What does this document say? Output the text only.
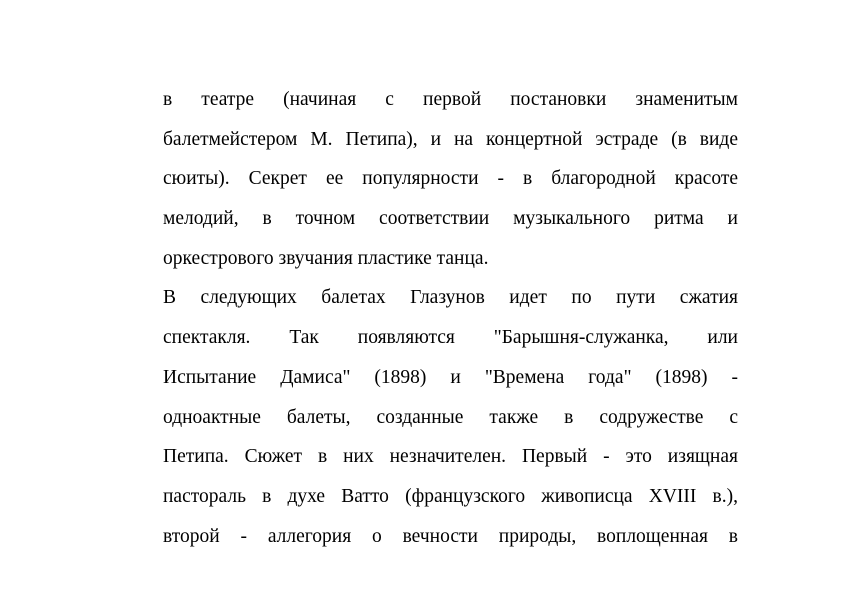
в театре (начиная с первой постановки знаменитым
балетмейстером М. Петипа), и на концертной эстраде (в виде
сюиты). Секрет ее популярности - в благородной красоте
мелодий, в точном соответствии музыкального ритма и
оркестрового звучания пластике танца.
В следующих балетах Глазунов идет по пути сжатия
спектакля. Так появляются "Барышня-служанка, или
Испытание Дамиса" (1898) и "Времена года" (1898) -
одноактные балеты, созданные также в содружестве с
Петипа. Сюжет в них незначителен. Первый - это изящная
пастораль в духе Ватто (французского живописца XVIII в.),
второй - аллегория о вечности природы, воплощенная в
